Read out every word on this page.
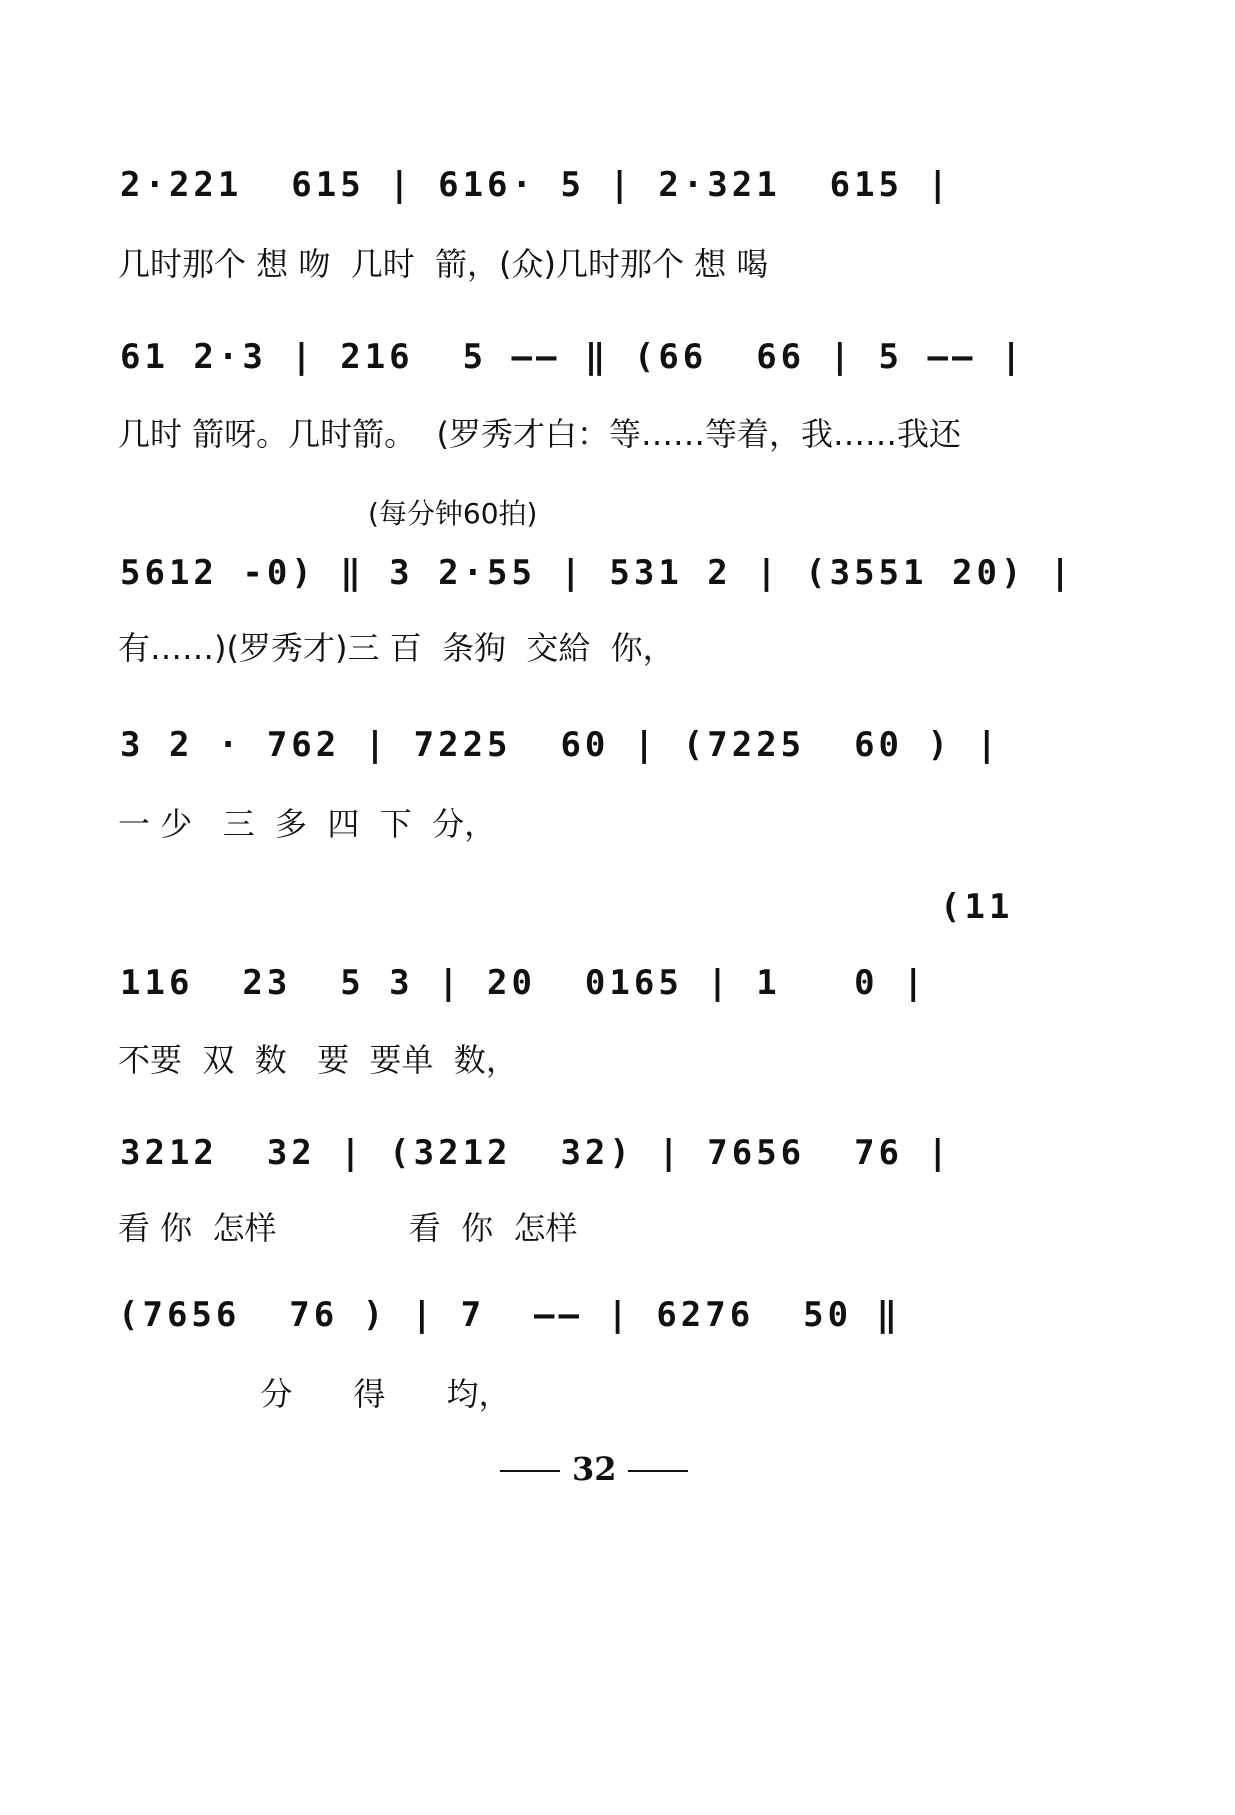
2·221  615 | 616· 5 | 2·321  615 |
几时那个 想 吻  几时  箭，(众)几时那个 想 喝
61 2·3 | 216  5 —— ‖ (66  66 | 5 —— |
几时 箭呀。几时箭。  (罗秀才白：等……等着，我……我还
(每分钟60拍)
5612 -0) ‖ 3 2·55 | 531 2 | (3551 20) |
有……)(罗秀才)三 百  条狗  交給  你，
3 2 · 762 | 7225  60 | (7225  60 ) |
一 少   三  多  四  下  分，
(11
116  23  5 3 | 20  0165 | 1   0 |
不要  双  数   要  要单  数，
3212  32 | (3212  32) | 7656  76 |
看 你  怎样             看  你  怎样
(7656  76 ) | 7  —— | 6276  50 ‖
分      得      均，
32
